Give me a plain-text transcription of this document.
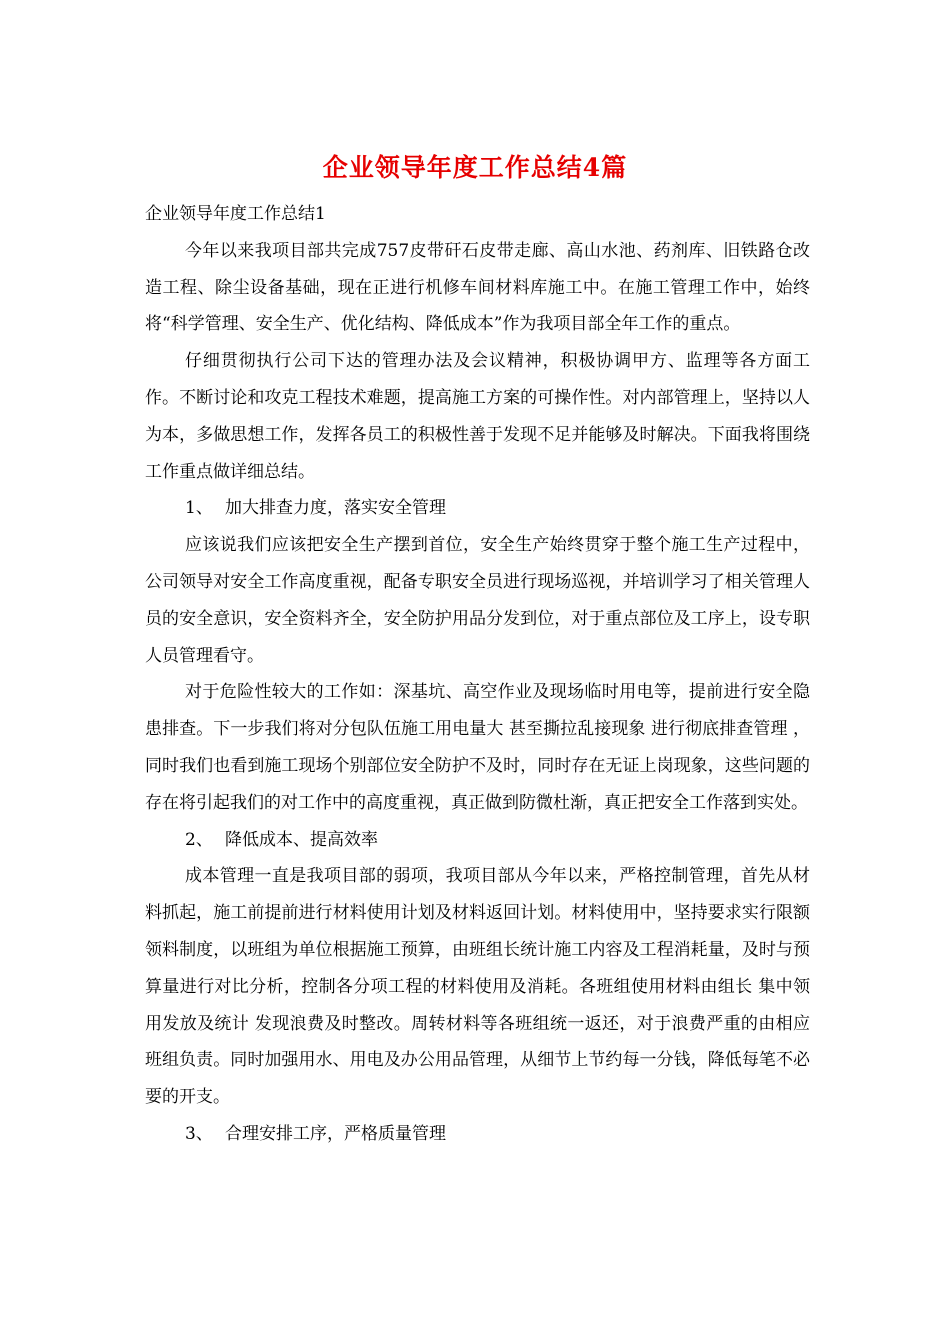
企业领导年度工作总结4篇

企业领导年度工作总结1

今年以来我项目部共完成757皮带矸石皮带走廊、高山水池、药剂库、旧铁路仓改造工程、除尘设备基础，现在正进行机修车间材料库施工中。在施工管理工作中，始终将“科学管理、安全生产、优化结构、降低成本”作为我项目部全年工作的重点。

仔细贯彻执行公司下达的管理办法及会议精神，积极协调甲方、监理等各方面工作。不断讨论和攻克工程技术难题，提高施工方案的可操作性。对内部管理上，坚持以人为本，多做思想工作，发挥各员工的积极性善于发现不足并能够及时解决。下面我将围绕工作重点做详细总结。

1、 加大排查力度，落实安全管理

应该说我们应该把安全生产摆到首位，安全生产始终贯穿于整个施工生产过程中，公司领导对安全工作高度重视，配备专职安全员进行现场巡视，并培训学习了相关管理人员的安全意识，安全资料齐全，安全防护用品分发到位，对于重点部位及工序上，设专职人员管理看守。

对于危险性较大的工作如：深基坑、高空作业及现场临时用电等，提前进行安全隐患排查。下一步我们将对分包队伍施工用电量大 甚至撕拉乱接现象 进行彻底排查管理 ，同时我们也看到施工现场个别部位安全防护不及时，同时存在无证上岗现象，这些问题的存在将引起我们的对工作中的高度重视，真正做到防微杜渐，真正把安全工作落到实处。

2、 降低成本、提高效率

成本管理一直是我项目部的弱项，我项目部从今年以来，严格控制管理，首先从材料抓起，施工前提前进行材料使用计划及材料返回计划。材料使用中，坚持要求实行限额领料制度，以班组为单位根据施工预算，由班组长统计施工内容及工程消耗量，及时与预算量进行对比分析，控制各分项工程的材料使用及消耗。各班组使用材料由组长 集中领用发放及统计 发现浪费及时整改。周转材料等各班组统一返还，对于浪费严重的由相应班组负责。同时加强用水、用电及办公用品管理，从细节上节约每一分钱，降低每笔不必要的开支。

3、 合理安排工序，严格质量管理
